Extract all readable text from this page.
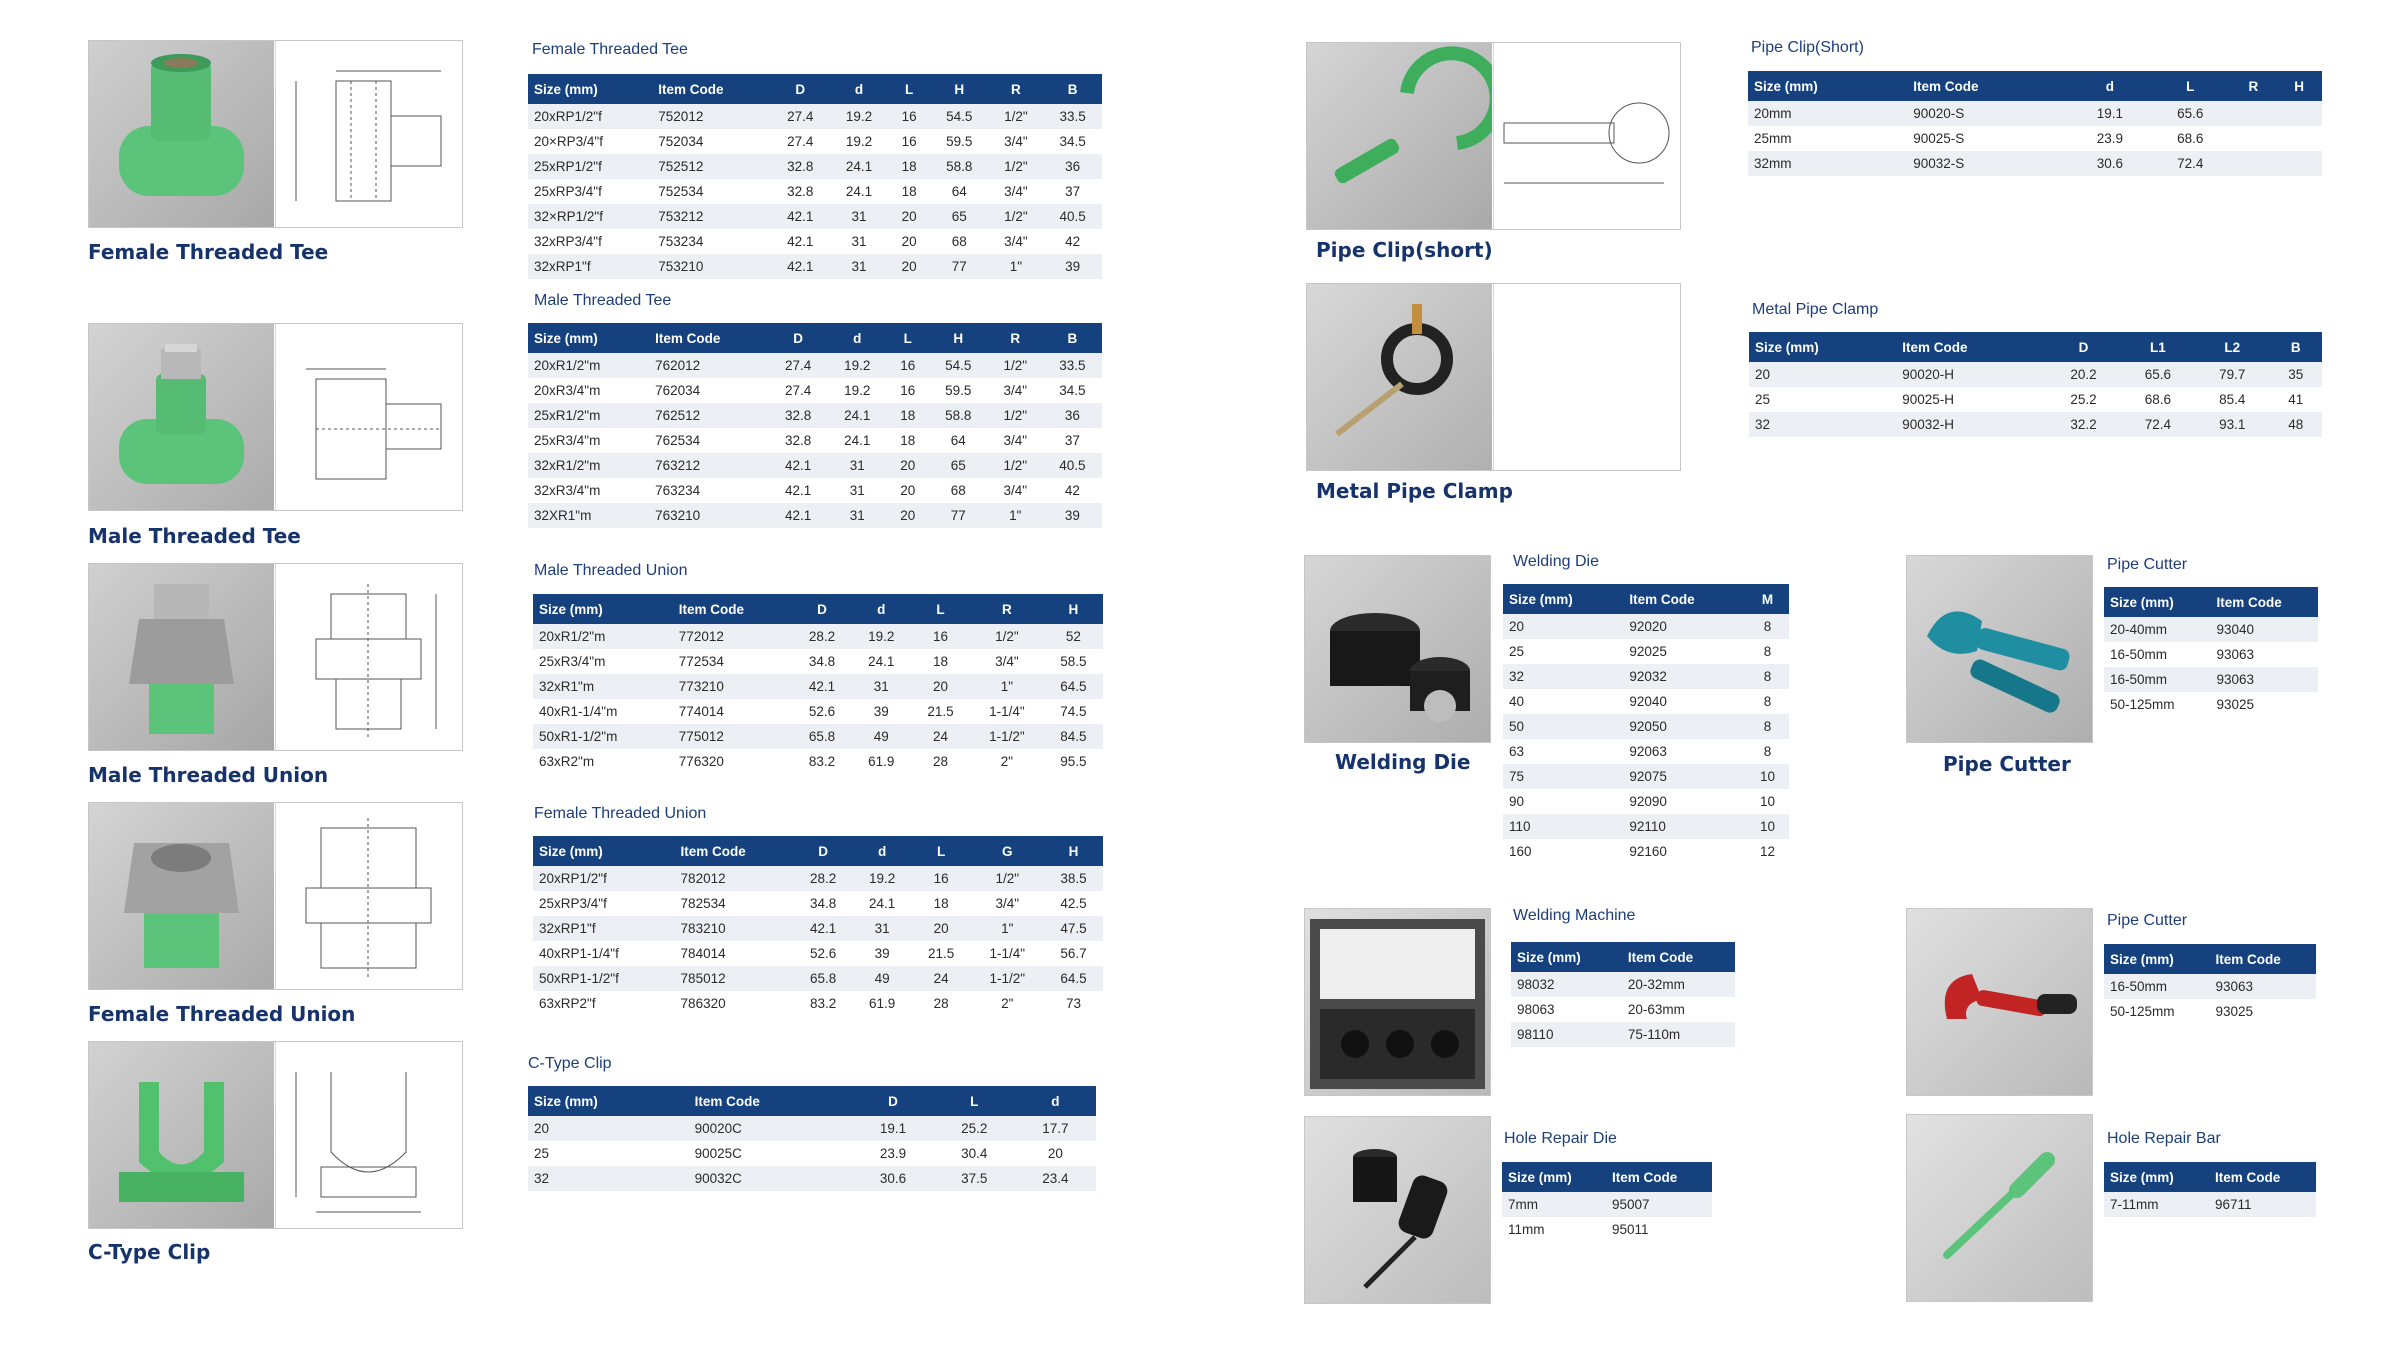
Female Threaded Tee
Male Threaded Tee
Male Threaded Union
Female Threaded Union
C-Type Clip
Female Threaded Tee
Size (mm)	Item Code	D	d	L	H	R	B
20xRP1/2"f	752012	27.4	19.2	16	54.5	1/2"	33.5
20×RP3/4"f	752034	27.4	19.2	16	59.5	3/4"	34.5
25xRP1/2"f	752512	32.8	24.1	18	58.8	1/2"	36
25xRP3/4"f	752534	32.8	24.1	18	64	3/4"	37
32×RP1/2"f	753212	42.1	31	20	65	1/2"	40.5
32xRP3/4"f	753234	42.1	31	20	68	3/4"	42
32xRP1"f	753210	42.1	31	20	77	1"	39
Male Threaded Tee
Size (mm)	Item Code	D	d	L	H	R	B
20xR1/2"m	762012	27.4	19.2	16	54.5	1/2"	33.5
20xR3/4"m	762034	27.4	19.2	16	59.5	3/4"	34.5
25xR1/2"m	762512	32.8	24.1	18	58.8	1/2"	36
25xR3/4"m	762534	32.8	24.1	18	64	3/4"	37
32xR1/2"m	763212	42.1	31	20	65	1/2"	40.5
32xR3/4"m	763234	42.1	31	20	68	3/4"	42
32XR1"m	763210	42.1	31	20	77	1"	39
Male Threaded Union
Size (mm)	Item Code	D	d	L	R	H
20xR1/2"m	772012	28.2	19.2	16	1/2"	52
25xR3/4"m	772534	34.8	24.1	18	3/4"	58.5
32xR1"m	773210	42.1	31	20	1"	64.5
40xR1-1/4"m	774014	52.6	39	21.5	1-1/4"	74.5
50xR1-1/2"m	775012	65.8	49	24	1-1/2"	84.5
63xR2"m	776320	83.2	61.9	28	2"	95.5
Female Threaded Union
Size (mm)	Item Code	D	d	L	G	H
20xRP1/2"f	782012	28.2	19.2	16	1/2"	38.5
25xRP3/4"f	782534	34.8	24.1	18	3/4"	42.5
32xRP1"f	783210	42.1	31	20	1"	47.5
40xRP1-1/4"f	784014	52.6	39	21.5	1-1/4"	56.7
50xRP1-1/2"f	785012	65.8	49	24	1-1/2"	64.5
63xRP2"f	786320	83.2	61.9	28	2"	73
C-Type Clip
Size (mm)	Item Code	D	L	d
20	90020C	19.1	25.2	17.7
25	90025C	23.9	30.4	20
32	90032C	30.6	37.5	23.4
Pipe Clip(short)
Pipe Clip(Short)
Size (mm)	Item Code	d	L	R	H
20mm	90020-S	19.1	65.6		
25mm	90025-S	23.9	68.6		
32mm	90032-S	30.6	72.4		
Metal Pipe Clamp
Metal Pipe Clamp
Size (mm)	Item Code	D	L1	L2	B
20	90020-H	20.2	65.6	79.7	35
25	90025-H	25.2	68.6	85.4	41
32	90032-H	32.2	72.4	93.1	48
Welding Die
Welding Die
Size (mm)	Item Code	M
20	92020	8
25	92025	8
32	92032	8
40	92040	8
50	92050	8
63	92063	8
75	92075	10
90	92090	10
110	92110	10
160	92160	12
Pipe Cutter
Pipe Cutter
Size (mm)	Item Code
20-40mm	93040
16-50mm	93063
16-50mm	93063
50-125mm	93025
Welding Machine
Size (mm)	Item Code
98032	20-32mm
98063	20-63mm
98110	75-110m
Pipe Cutter
Size (mm)	Item Code
16-50mm	93063
50-125mm	93025
Hole Repair Die
Size (mm)	Item Code
7mm	95007
11mm	95011
Hole Repair Bar
Size (mm)	Item Code
7-11mm	96711
